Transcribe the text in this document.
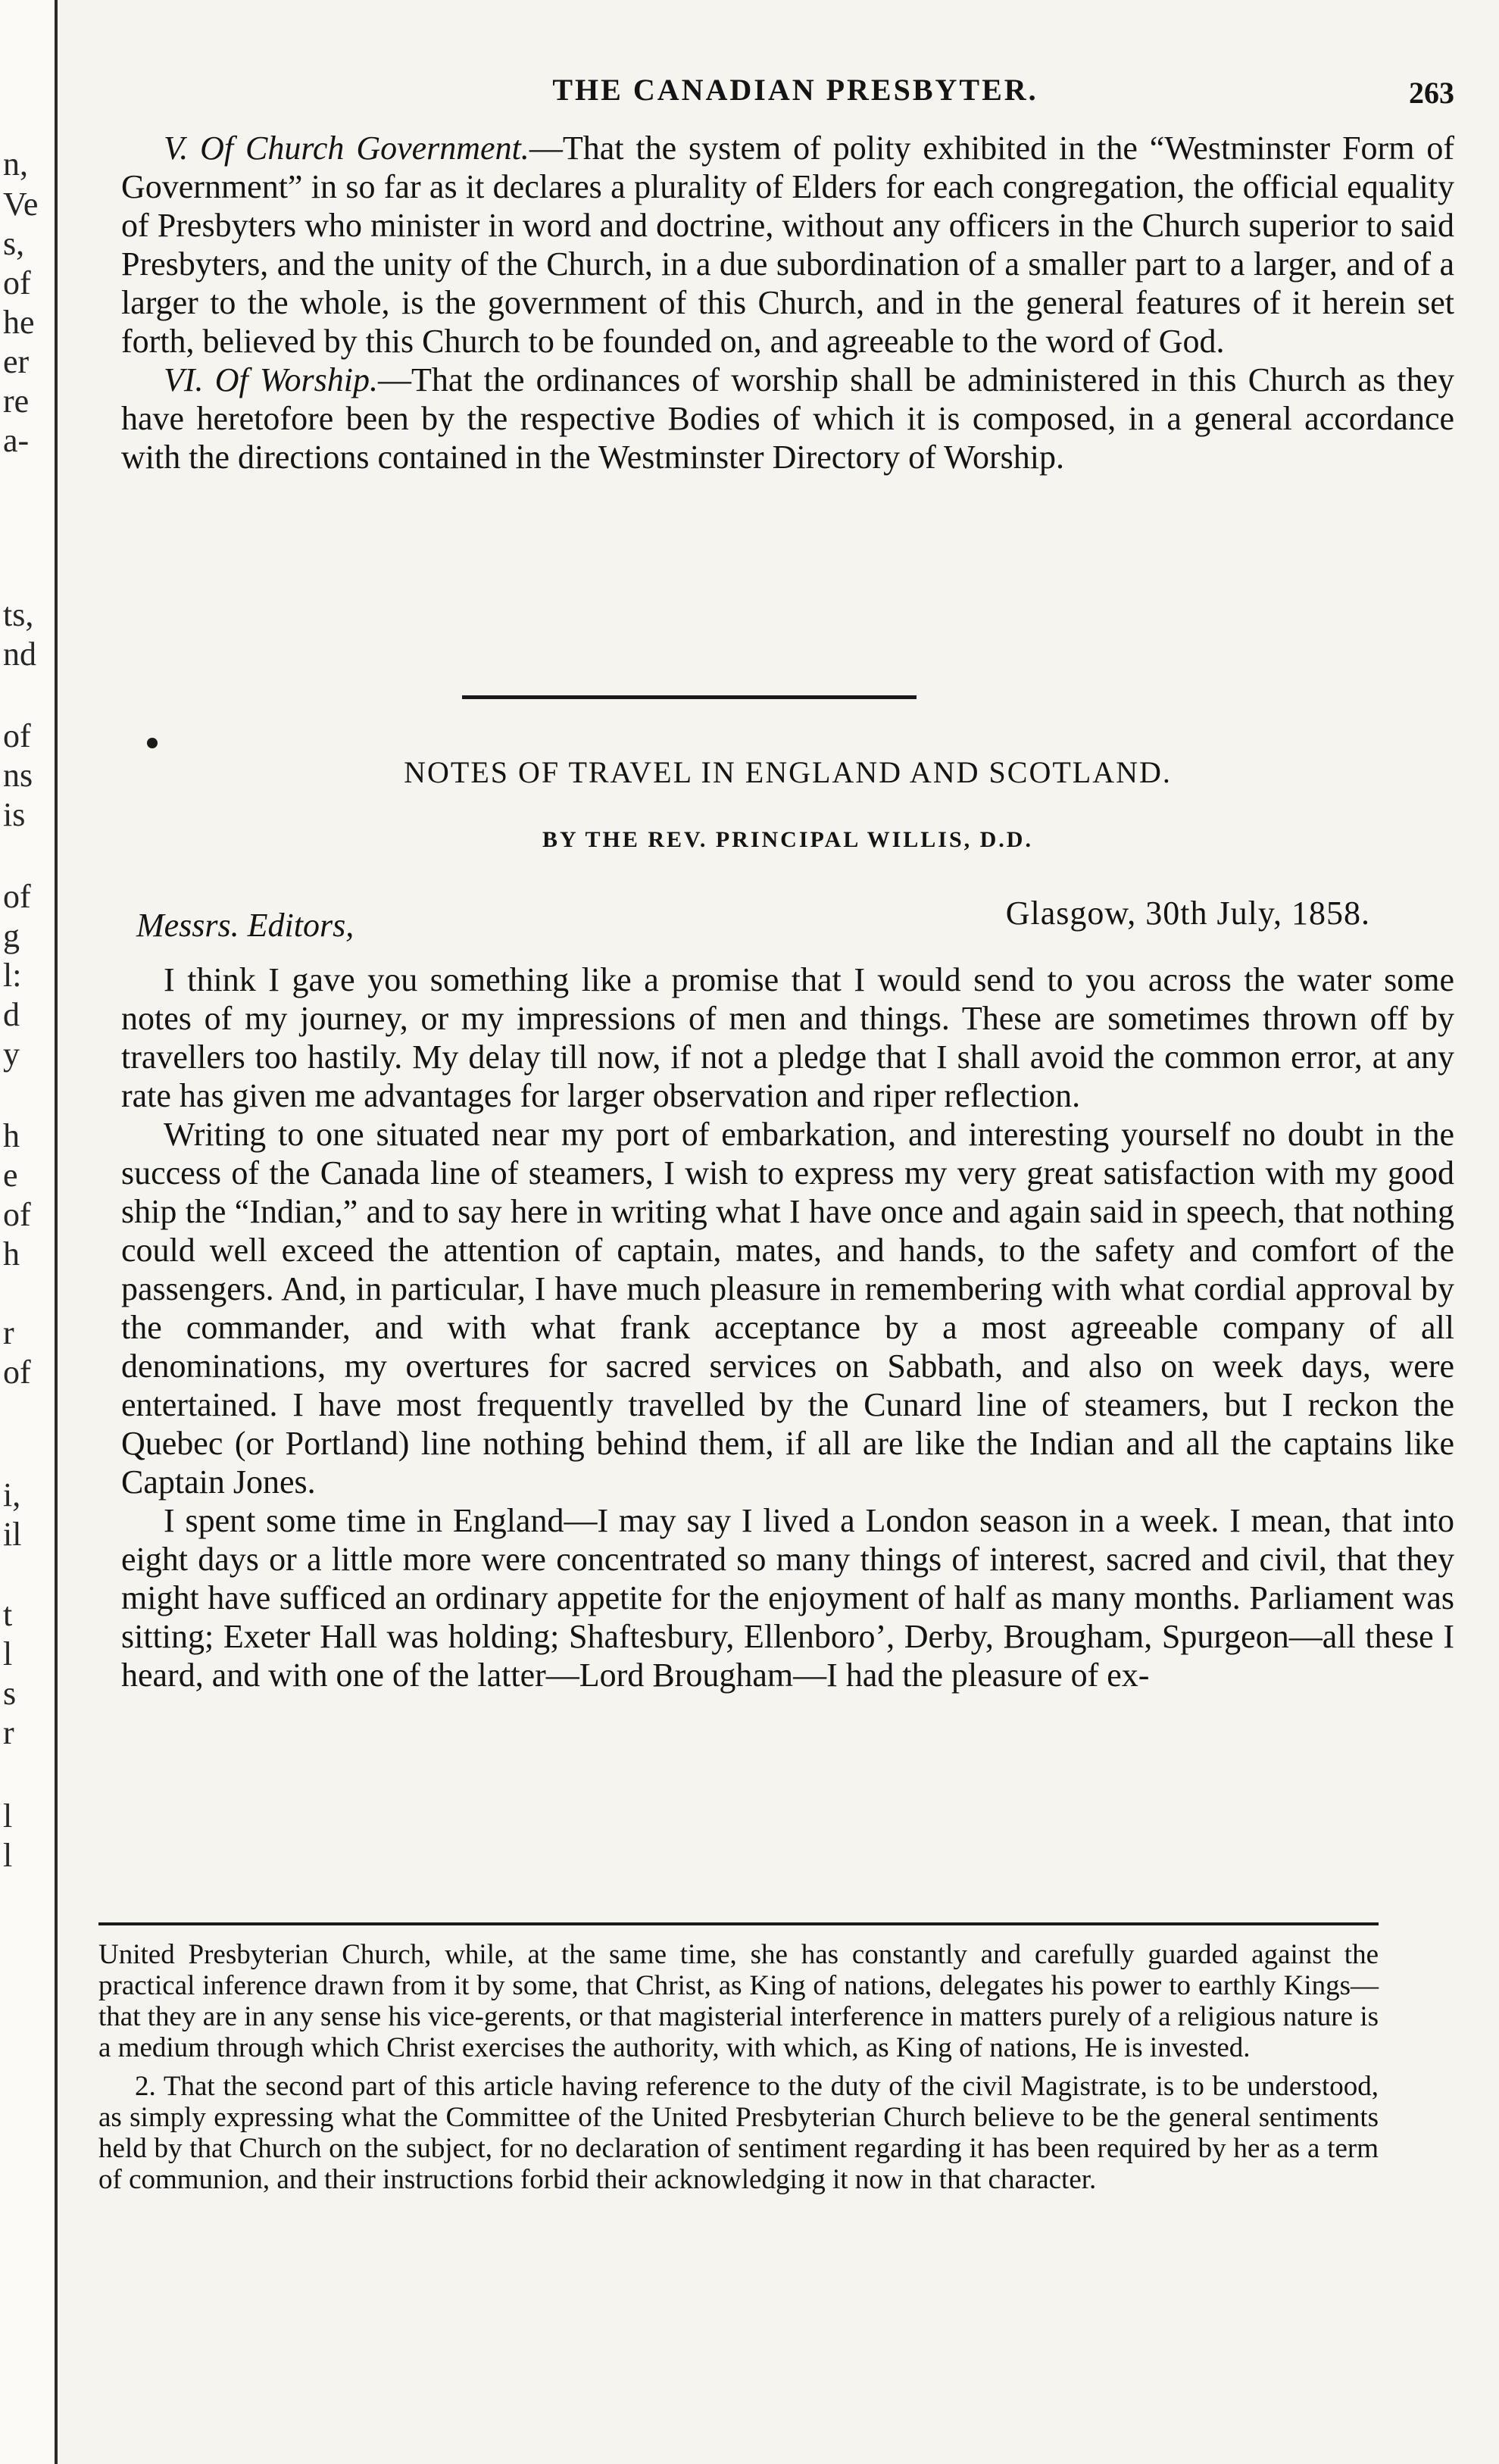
n,
Ve
s,
of
he
er
re
a-
ts,
nd
of
ns
is
of
g
l:
d
y
h
e
of
h
r
of
i,
il
t
l
s
r
l
l
THE CANADIAN PRESBYTER.	263

V. Of Church Government.—That the system of polity exhibited in the “Westminster Form of Government” in so far as it declares a plurality of Elders for each congregation, the official equality of Presbyters who minister in word and doctrine, without any officers in the Church superior to said Presbyters, and the unity of the Church, in a due subordination of a smaller part to a larger, and of a larger to the whole, is the government of this Church, and in the general features of it herein set forth, believed by this Church to be founded on, and agreeable to the word of God.

VI. Of Worship.—That the ordinances of worship shall be administered in this Church as they have heretofore been by the respective Bodies of which it is composed, in a general accordance with the directions contained in the Westminster Directory of Worship.

NOTES OF TRAVEL IN ENGLAND AND SCOTLAND.
BY THE REV. PRINCIPAL WILLIS, D.D.
Messrs. Editors,	Glasgow, 30th July, 1858.

I think I gave you something like a promise that I would send to you across the water some notes of my journey, or my impressions of men and things. These are sometimes thrown off by travellers too hastily. My delay till now, if not a pledge that I shall avoid the common error, at any rate has given me advantages for larger observation and riper reflection.

Writing to one situated near my port of embarkation, and interesting yourself no doubt in the success of the Canada line of steamers, I wish to express my very great satisfaction with my good ship the “Indian,” and to say here in writing what I have once and again said in speech, that nothing could well exceed the attention of captain, mates, and hands, to the safety and comfort of the passengers. And, in particular, I have much pleasure in remembering with what cordial approval by the commander, and with what frank acceptance by a most agreeable company of all denominations, my overtures for sacred services on Sabbath, and also on week days, were entertained. I have most frequently travelled by the Cunard line of steamers, but I reckon the Quebec (or Portland) line nothing behind them, if all are like the Indian and all the captains like Captain Jones.

I spent some time in England—I may say I lived a London season in a week. I mean, that into eight days or a little more were concentrated so many things of interest, sacred and civil, that they might have sufficed an ordinary appetite for the enjoyment of half as many months. Parliament was sitting; Exeter Hall was holding; Shaftesbury, Ellenboro’, Derby, Brougham, Spurgeon—all these I heard, and with one of the latter—Lord Brougham—I had the pleasure of ex-

United Presbyterian Church, while, at the same time, she has constantly and carefully guarded against the practical inference drawn from it by some, that Christ, as King of nations, delegates his power to earthly Kings—that they are in any sense his vice-gerents, or that magisterial interference in matters purely of a religious nature is a medium through which Christ exercises the authority, with which, as King of nations, He is invested.

2. That the second part of this article having reference to the duty of the civil Magistrate, is to be understood, as simply expressing what the Committee of the United Presbyterian Church believe to be the general sentiments held by that Church on the subject, for no declaration of sentiment regarding it has been required by her as a term of communion, and their instructions forbid their acknowledging it now in that character.
